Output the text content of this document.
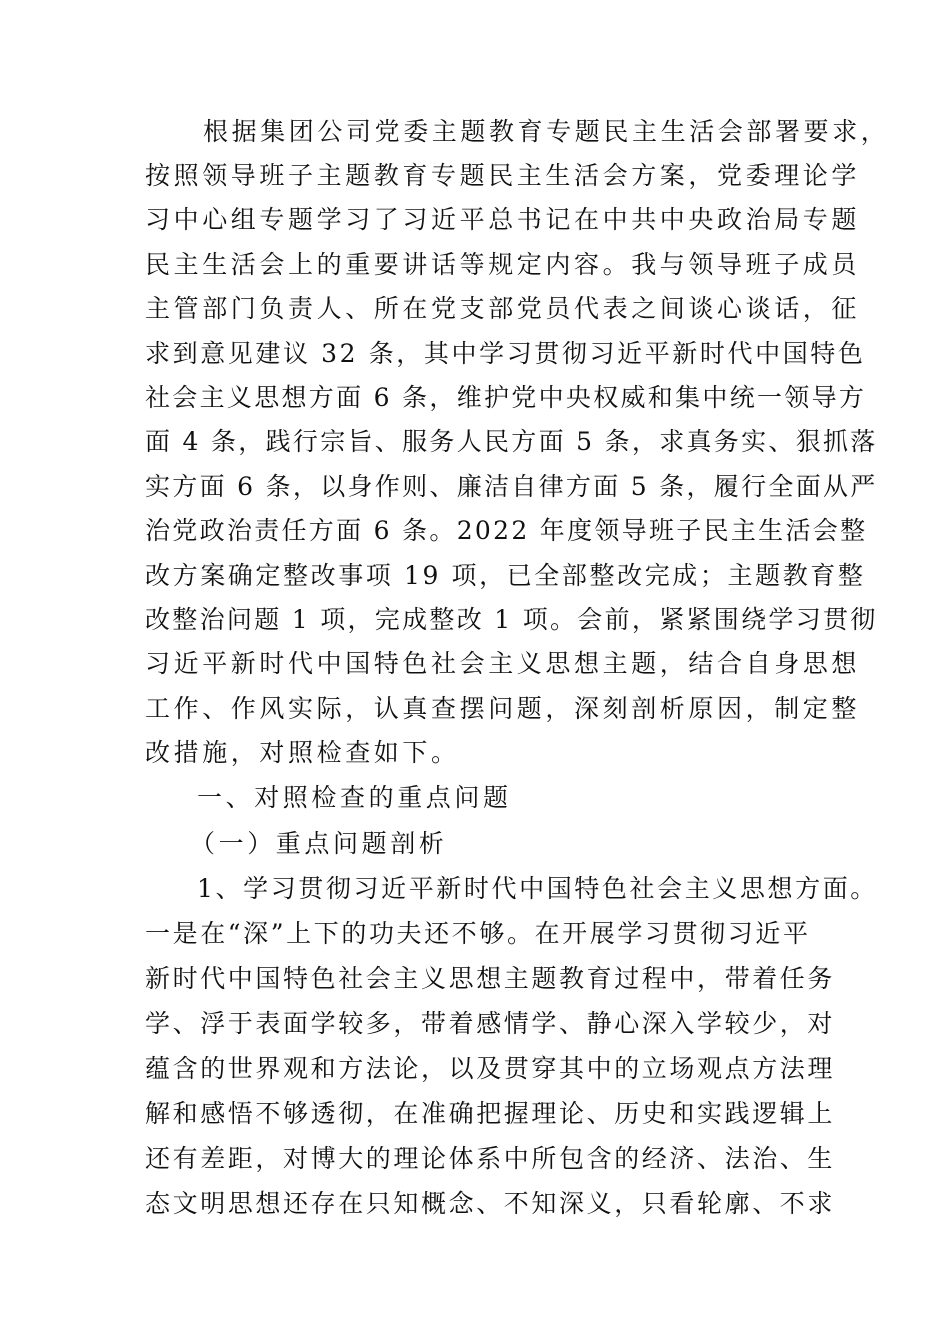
根据集团公司党委主题教育专题民主生活会部署要求，
按照领导班子主题教育专题民主生活会方案，党委理论学
习中心组专题学习了习近平总书记在中共中央政治局专题
民主生活会上的重要讲话等规定内容。我与领导班子成员
主管部门负责人、所在党支部党员代表之间谈心谈话，征
求到意见建议 32 条，其中学习贯彻习近平新时代中国特色
社会主义思想方面 6 条，维护党中央权威和集中统一领导方
面 4 条，践行宗旨、服务人民方面 5 条，求真务实、狠抓落
实方面 6 条，以身作则、廉洁自律方面 5 条，履行全面从严
治党政治责任方面 6 条。2022 年度领导班子民主生活会整
改方案确定整改事项 19 项，已全部整改完成；主题教育整
改整治问题 1 项，完成整改 1 项。会前，紧紧围绕学习贯彻
习近平新时代中国特色社会主义思想主题，结合自身思想
工作、作风实际，认真查摆问题，深刻剖析原因，制定整
改措施，对照检查如下。
一、对照检查的重点问题
（一）重点问题剖析
1、学习贯彻习近平新时代中国特色社会主义思想方面。
一是在“深”上下的功夫还不够。在开展学习贯彻习近平
新时代中国特色社会主义思想主题教育过程中，带着任务
学、浮于表面学较多，带着感情学、静心深入学较少，对
蕴含的世界观和方法论，以及贯穿其中的立场观点方法理
解和感悟不够透彻，在准确把握理论、历史和实践逻辑上
还有差距，对博大的理论体系中所包含的经济、法治、生
态文明思想还存在只知概念、不知深义，只看轮廓、不求
